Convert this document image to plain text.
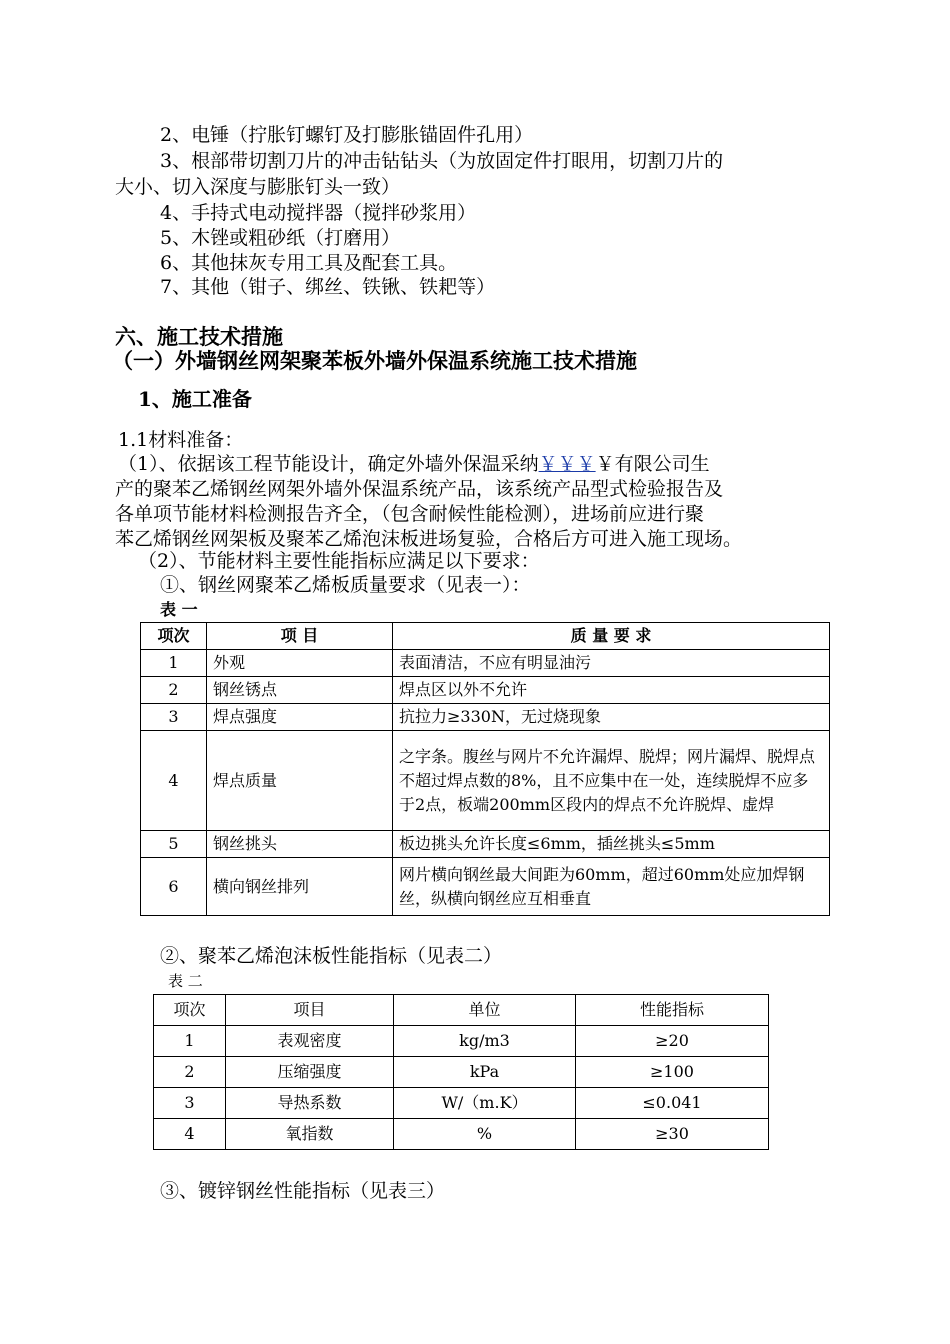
2、电锤（拧胀钉螺钉及打膨胀锚固件孔用）
3、根部带切割刀片的冲击钻钻头（为放固定件打眼用，切割刀片的
大小、切入深度与膨胀钉头一致）
4、手持式电动搅拌器（搅拌砂浆用）
5、木锉或粗砂纸（打磨用）
6、其他抹灰专用工具及配套工具。
7、其他（钳子、绑丝、铁锹、铁耙等）
六、施工技术措施
（一）外墙钢丝网架聚苯板外墙外保温系统施工技术措施
1、施工准备
1.1材料准备：
（1）、依据该工程节能设计，确定外墙外保温采纳￥￥￥￥有限公司生
产的聚苯乙烯钢丝网架外墙外保温系统产品，该系统产品型式检验报告及
各单项节能材料检测报告齐全，（包含耐候性能检测），进场前应进行聚
苯乙烯钢丝网架板及聚苯乙烯泡沫板进场复验，合格后方可进入施工现场。
（2）、节能材料主要性能指标应满足以下要求：
①、钢丝网聚苯乙烯板质量要求（见表一）：
表 一
项次	项 目	质 量 要 求
1	外观	表面清洁，不应有明显油污
2	钢丝锈点	焊点区以外不允许
3	焊点强度	抗拉力≥330N，无过烧现象
4	焊点质量	之字条。腹丝与网片不允许漏焊、脱焊；网片漏焊、脱焊点不超过焊点数的8%，且不应集中在一处，连续脱焊不应多于2点，板端200mm区段内的焊点不允许脱焊、虚焊
5	钢丝挑头	板边挑头允许长度≤6mm，插丝挑头≤5mm
6	横向钢丝排列	网片横向钢丝最大间距为60mm，超过60mm处应加焊钢丝，纵横向钢丝应互相垂直
②、聚苯乙烯泡沫板性能指标（见表二）
表 二
项次	项目	单位	性能指标
1	表观密度	kg/m3	≥20
2	压缩强度	kPa	≥100
3	导热系数	W/（m.K）	≤0.041
4	氧指数	%	≥30
③、镀锌钢丝性能指标（见表三）
